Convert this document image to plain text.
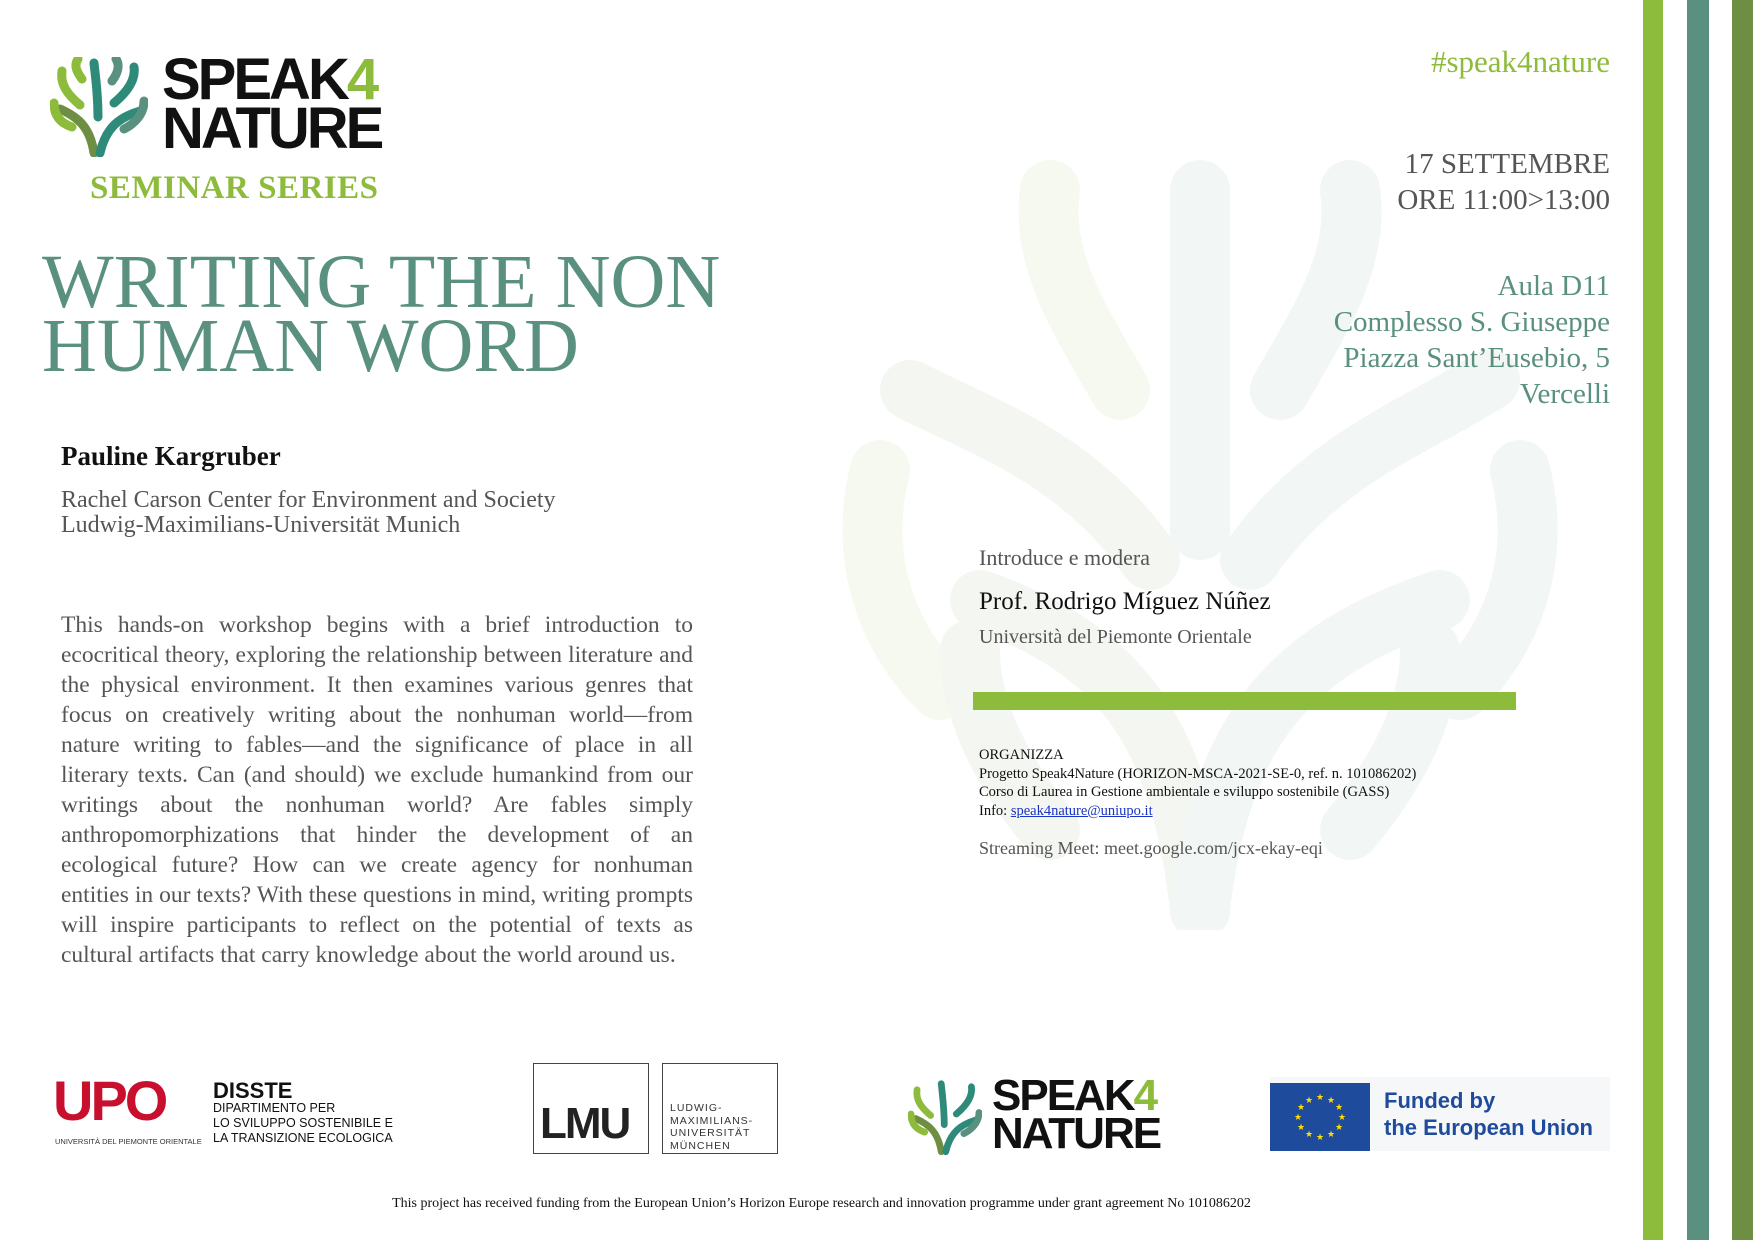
SPEAK4
NATURE
SEMINAR SERIES
WRITING THE NON
HUMAN WORD
Pauline Kargruber
Rachel Carson Center for Environment and Society
Ludwig-Maximilians-Universität Munich

This hands-on workshop begins with a brief introduction to ecocritical theory, exploring the relationship between literature and the physical environment. It then examines various genres that focus on creatively writing about the nonhuman world—from nature writing to fables—and the significance of place in all literary texts. Can (and should) we exclude humankind from our writings about the nonhuman world? Are fables simply anthropomorphizations that hinder the development of an ecological future? How can we create agency for nonhuman entities in our texts? With these questions in mind, writing prompts will inspire participants to reflect on the potential of texts as cultural artifacts that carry knowledge about the world around us.

#speak4nature
17 SETTEMBRE
ORE 11:00>13:00
Aula D11
Complesso S. Giuseppe
Piazza Sant’Eusebio, 5
Vercelli
Introduce e modera
Prof. Rodrigo Míguez Núñez
Università del Piemonte Orientale
ORGANIZZA
Progetto Speak4Nature (HORIZON-MSCA-2021-SE-0, ref. n. 101086202)
Corso di Laurea in Gestione ambientale e sviluppo sostenibile (GASS)
Info: speak4nature@uniupo.it
Streaming Meet: meet.google.com/jcx-ekay-eqi
UPO
UNIVERSITÀ DEL PIEMONTE ORIENTALE
DISSTE
DIPARTIMENTO PER
LO SVILUPPO SOSTENIBILE E
LA TRANSIZIONE ECOLOGICA	LMU	LUDWIG-
MAXIMILIANS-
UNIVERSITÄT
MÜNCHEN
SPEAK4
NATURE
★ ★
★
★
★
★
★
★
★
★
★
★	Funded by
the European Union
This project has received funding from the European Union’s Horizon Europe research and innovation programme under grant agreement No 101086202
